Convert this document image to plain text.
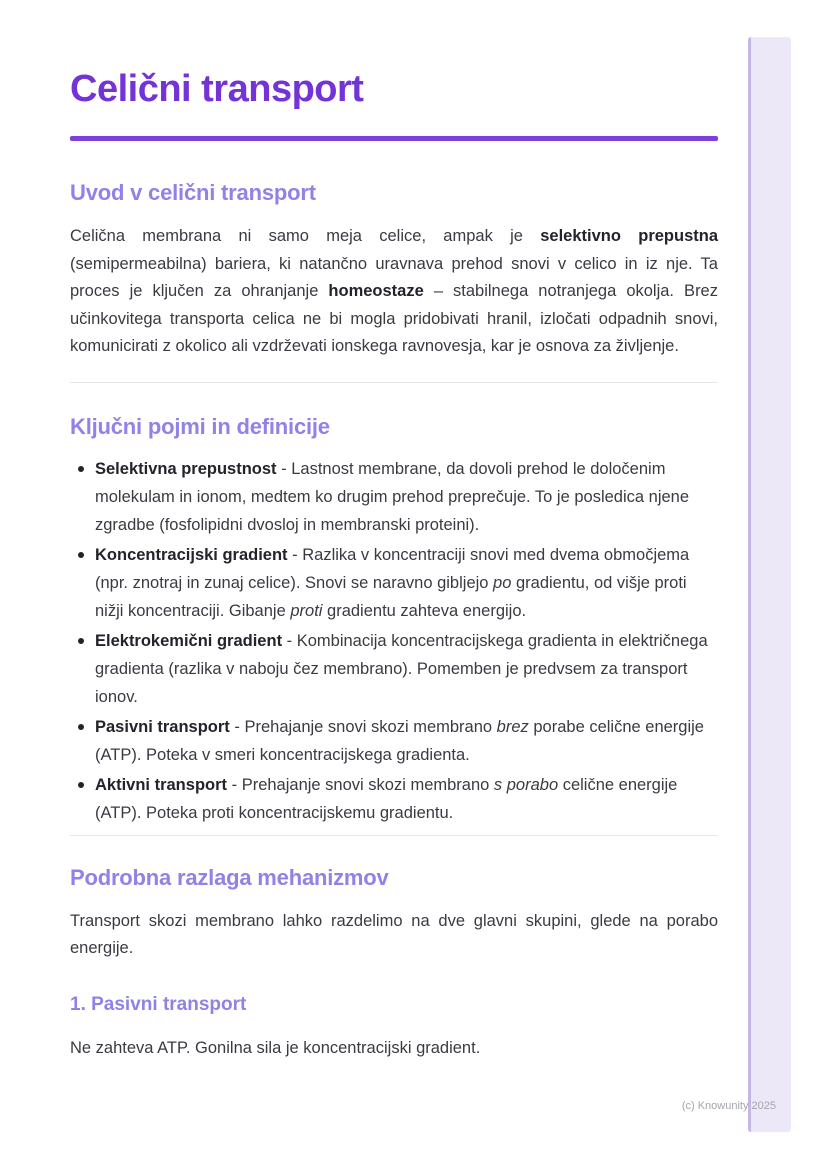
Celični transport
Uvod v celični transport

Celična membrana ni samo meja celice, ampak je selektivno prepustna (semipermeabilna) bariera, ki natančno uravnava prehod snovi v celico in iz nje. Ta proces je ključen za ohranjanje homeostaze – stabilnega notranjega okolja. Brez učinkovitega transporta celica ne bi mogla pridobivati hranil, izločati odpadnih snovi, komunicirati z okolico ali vzdrževati ionskega ravnovesja, kar je osnova za življenje.

Ključni pojmi in definicije
Selektivna prepustnost - Lastnost membrane, da dovoli prehod le določenim molekulam in ionom, medtem ko drugim prehod preprečuje. To je posledica njene zgradbe (fosfolipidni dvosloj in membranski proteini).
Koncentracijski gradient - Razlika v koncentraciji snovi med dvema območjema (npr. znotraj in zunaj celice). Snovi se naravno gibljejo po gradientu, od višje proti nižji koncentraciji. Gibanje proti gradientu zahteva energijo.
Elektrokemični gradient - Kombinacija koncentracijskega gradienta in električnega gradienta (razlika v naboju čez membrano). Pomemben je predvsem za transport ionov.
Pasivni transport - Prehajanje snovi skozi membrano brez porabe celične energije (ATP). Poteka v smeri koncentracijskega gradienta.
Aktivni transport - Prehajanje snovi skozi membrano s porabo celične energije (ATP). Poteka proti koncentracijskemu gradientu.
Podrobna razlaga mehanizmov

Transport skozi membrano lahko razdelimo na dve glavni skupini, glede na porabo energije.

1. Pasivni transport

Ne zahteva ATP. Gonilna sila je koncentracijski gradient.

(c) Knowunity 2025
